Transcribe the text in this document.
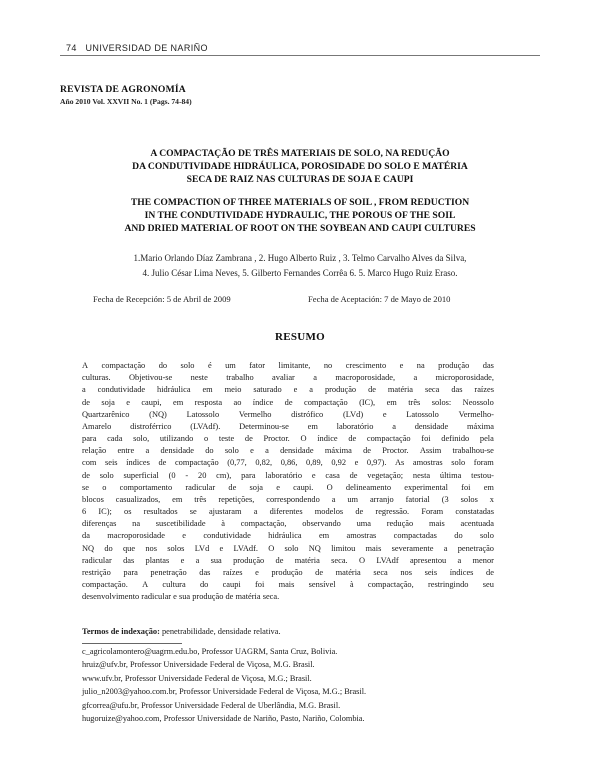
74 UNIVERSIDAD DE NARIÑO
REVISTA DE AGRONOMÍA
Año 2010 Vol. XXVII No. 1 (Pags. 74-84)
A COMPACTAÇÃO DE TRÊS MATERIAIS DE SOLO, NA REDUÇÃO
DA CONDUTIVIDADE HIDRÁULICA, POROSIDADE DO SOLO E MATÉRIA
SECA DE RAIZ NAS CULTURAS DE SOJA E CAUPI
THE COMPACTION OF THREE MATERIALS OF SOIL , FROM REDUCTION
IN THE CONDUTIVIDADE HYDRAULIC, THE POROUS OF THE SOIL
AND DRIED MATERIAL OF ROOT ON THE SOYBEAN AND CAUPI CULTURES
1.Mario Orlando Díaz Zambrana , 2. Hugo Alberto Ruiz , 3. Telmo Carvalho Alves da Silva,
4. Julio César Lima Neves, 5. Gilberto Fernandes Corrêa 6. 5. Marco Hugo Ruiz Eraso.
Fecha de Recepción: 5 de Abril de 2009	Fecha de Aceptación: 7 de Mayo de 2010
RESUMO
A compactação do solo é um fator limitante, no crescimento e na produção das
culturas. Objetivou-se neste trabalho avaliar a macroporosidade, a microporosidade,
a condutividade hidráulica em meio saturado e a produção de matéria seca das raízes
de soja e caupi, em resposta ao índice de compactação (IC), em três solos: Neossolo
Quartzarênico (NQ) Latossolo Vermelho distrófico (LVd) e Latossolo Vermelho-
Amarelo distroférrico (LVAdf). Determinou-se em laboratório a densidade máxima
para cada solo, utilizando o teste de Proctor. O índice de compactação foi definido pela
relação entre a densidade do solo e a densidade máxima de Proctor. Assim trabalhou-se
com seis índices de compactação (0,77, 0,82, 0,86, 0,89, 0,92 e 0,97). As amostras solo foram
de solo superficial (0 - 20 cm), para laboratório e casa de vegetação; nesta última testou-
se o comportamento radicular de soja e caupi. O delineamento experimental foi em
blocos casualizados, em três repetições, correspondendo a um arranjo fatorial (3 solos x
6 IC); os resultados se ajustaram a diferentes modelos de regressão. Foram constatadas
diferenças na suscetibilidade à compactação, observando uma redução mais acentuada
da macroporosidade e condutividade hidráulica em amostras compactadas do solo
NQ do que nos solos LVd e LVAdf. O solo NQ limitou mais severamente a penetração
radicular das plantas e a sua produção de matéria seca. O LVAdf apresentou a menor
restrição para penetração das raízes e produção de matéria seca nos seis índices de
compactação. A cultura do caupi foi mais sensível à compactação, restringindo seu
desenvolvimento radicular e sua produção de matéria seca.
Termos de indexação: penetrabilidade, densidade relativa.
c_agricolamontero@uagrm.edu.bo, Professor UAGRM, Santa Cruz, Bolivia.
hruiz@ufv.br, Professor Universidade Federal de Viçosa, M.G. Brasil.
www.ufv.br, Professor Universidade Federal de Viçosa, M.G.; Brasil.
julio_n2003@yahoo.com.br, Professor Universidade Federal de Viçosa, M.G.; Brasil.
gfcorrea@ufu.br, Professor Universidade Federal de Uberlândia, M.G. Brasil.
hugoruize@yahoo.com, Professor Universidade de Nariño, Pasto, Nariño, Colombia.
